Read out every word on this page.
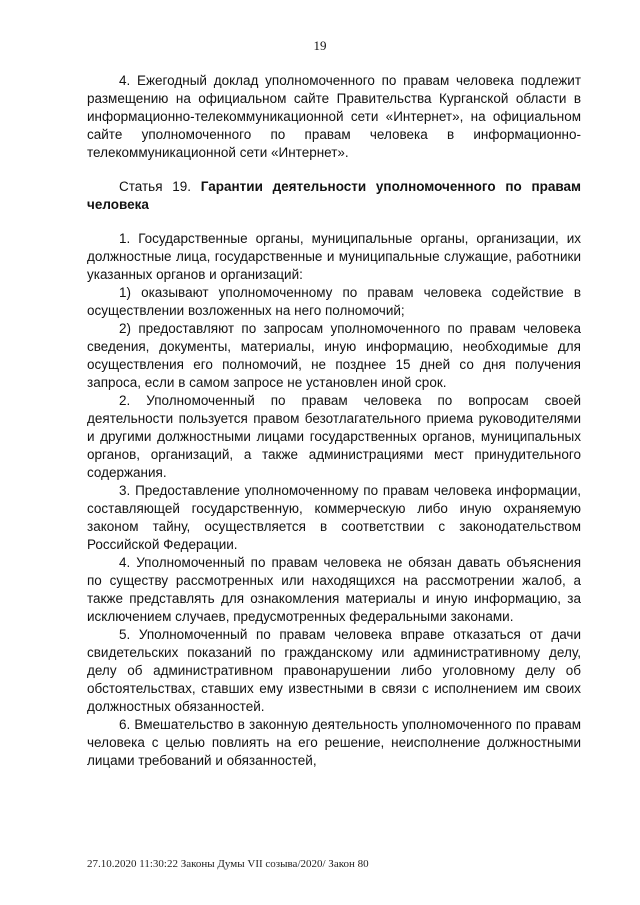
19

4. Ежегодный доклад уполномоченного по правам человека подлежит размещению на официальном сайте Правительства Курганской области в информационно-телекоммуникационной сети «Интернет», на официальном сайте уполномоченного по правам человека в информационно-телекоммуникационной сети «Интернет».

Статья 19. Гарантии деятельности уполномоченного по правам человека

1. Государственные органы, муниципальные органы, организации, их должностные лица, государственные и муниципальные служащие, работники указанных органов и организаций:

1) оказывают уполномоченному по правам человека содействие в осуществлении возложенных на него полномочий;

2) предоставляют по запросам уполномоченного по правам человека сведения, документы, материалы, иную информацию, необходимые для осуществления его полномочий, не позднее 15 дней со дня получения запроса, если в самом запросе не установлен иной срок.

2. Уполномоченный по правам человека по вопросам своей деятельности пользуется правом безотлагательного приема руководителями и другими должностными лицами государственных органов, муниципальных органов, организаций, а также администрациями мест принудительного содержания.

3. Предоставление уполномоченному по правам человека информации, составляющей государственную, коммерческую либо иную охраняемую законом тайну, осуществляется в соответствии с законодательством Российской Федерации.

4. Уполномоченный по правам человека не обязан давать объяснения по существу рассмотренных или находящихся на рассмотрении жалоб, а также представлять для ознакомления материалы и иную информацию, за исключением случаев, предусмотренных федеральными законами.

5. Уполномоченный по правам человека вправе отказаться от дачи свидетельских показаний по гражданскому или административному делу, делу об административном правонарушении либо уголовному делу об обстоятельствах, ставших ему известными в связи с исполнением им своих должностных обязанностей.

6. Вмешательство в законную деятельность уполномоченного по правам человека с целью повлиять на его решение, неисполнение должностными лицами требований и обязанностей,

27.10.2020 11:30:22 Законы Думы VII созыва/2020/ Закон 80
